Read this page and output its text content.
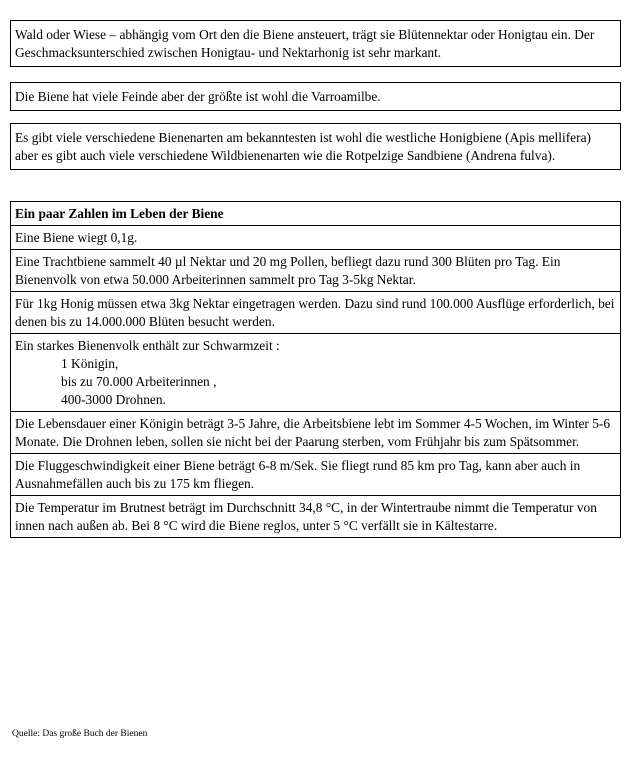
Wald oder Wiese – abhängig vom Ort den die Biene ansteuert, trägt sie Blütennektar oder Honigtau ein. Der Geschmacksunterschied zwischen Honigtau- und Nektarhonig ist sehr markant.

Die Biene hat viele Feinde aber der größte ist wohl die Varroamilbe.

Es gibt viele verschiedene Bienenarten am bekanntesten ist wohl die westliche Honigbiene (Apis mellifera) aber es gibt auch viele verschiedene Wildbienenarten wie die Rotpelzige Sandbiene (Andrena fulva).

Ein paar Zahlen im Leben der Biene
Eine Biene wiegt 0,1g.
Eine Trachtbiene sammelt 40 µl Nektar und 20 mg Pollen, befliegt dazu rund 300 Blüten pro Tag. Ein Bienenvolk von etwa 50.000 Arbeiterinnen sammelt pro Tag 3-5kg Nektar.
Für 1kg Honig müssen etwa 3kg Nektar eingetragen werden. Dazu sind rund 100.000 Ausflüge erforderlich, bei denen bis zu 14.000.000 Blüten besucht werden.
Ein starkes Bienenvolk enthält zur Schwarmzeit :
1 Königin,
bis zu 70.000 Arbeiterinnen ,
400-3000 Drohnen.
Die Lebensdauer einer Königin beträgt 3-5 Jahre, die Arbeitsbiene lebt im Sommer 4-5 Wochen, im Winter 5-6 Monate. Die Drohnen leben, sollen sie nicht bei der Paarung sterben, vom Frühjahr bis zum Spätsommer.
Die Fluggeschwindigkeit einer Biene beträgt 6-8 m/Sek. Sie fliegt rund 85 km pro Tag, kann aber auch in Ausnahmefällen auch bis zu 175 km fliegen.
Die Temperatur im Brutnest beträgt im Durchschnitt 34,8 °C, in der Wintertraube nimmt die Temperatur von innen nach außen ab. Bei 8 °C wird die Biene reglos, unter 5 °C verfällt sie in Kältestarre.
Quelle: Das große Buch der Bienen
